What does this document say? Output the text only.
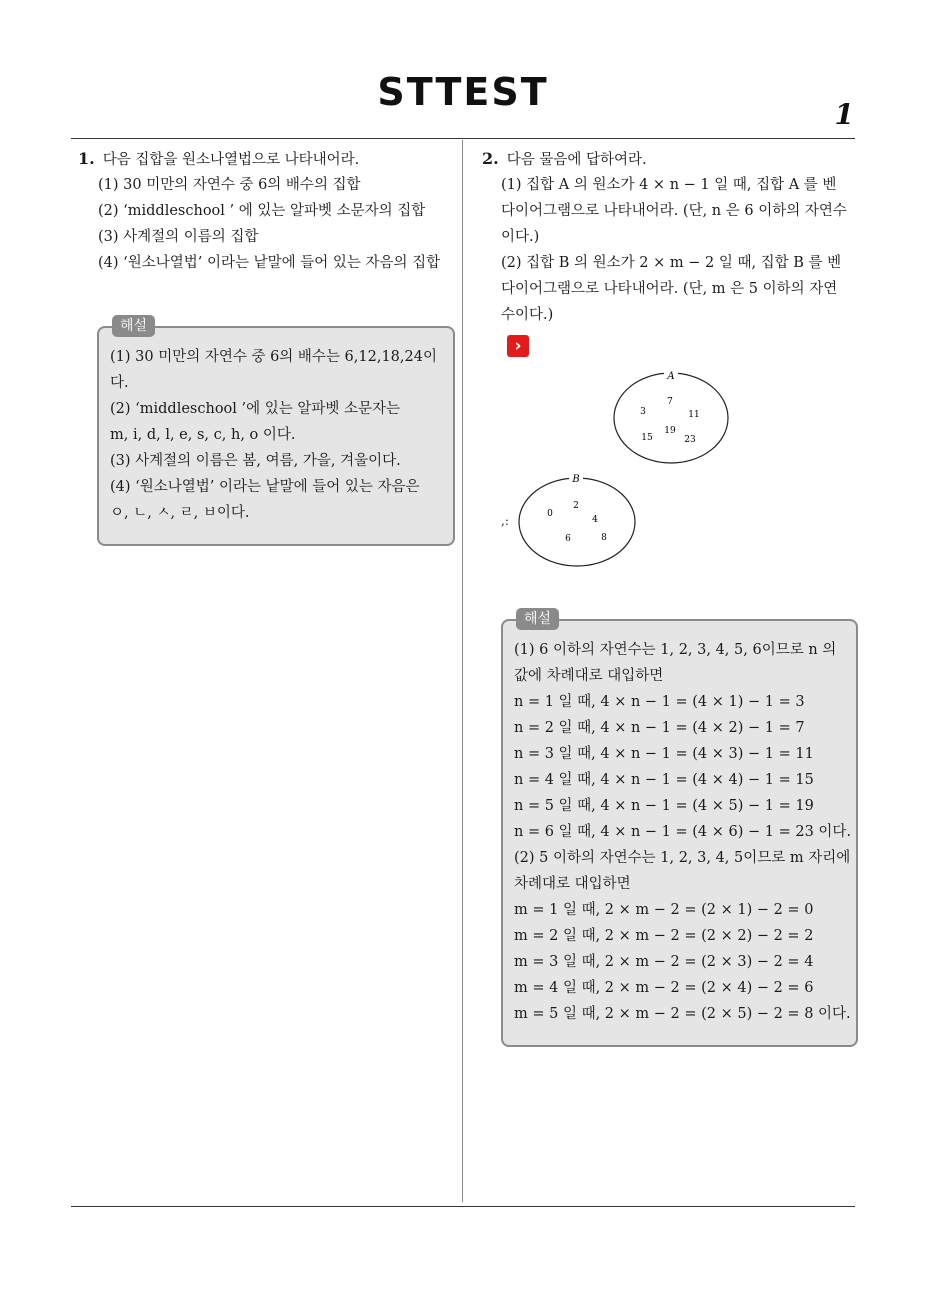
STTEST
1
1. 다음 집합을 원소나열법으로 나타내어라.
(1) 30 미만의 자연수 중 6의 배수의 집합
(2) ‘middleschool ’ 에 있는 알파벳 소문자의 집합
(3) 사계절의 이름의 집합
(4) ‘원소나열법’ 이라는 낱말에 들어 있는 자음의 집합
해설
(1) 30 미만의 자연수 중 6의 배수는 6,12,18,24이
다.
(2) ‘middleschool ’에 있는 알파벳 소문자는
m, i, d, l, e, s, c, h, o 이다.
(3) 사계절의 이름은 봄, 여름, 가을, 겨울이다.
(4) ‘원소나열법’ 이라는 낱말에 들어 있는 자음은
ㅇ, ㄴ, ㅅ, ㄹ, ㅂ이다.
2. 다음 물음에 답하여라.
(1) 집합 A 의 원소가 4 × n − 1 일 때, 집합 A 를 벤
다이어그램으로 나타내어라. (단, n 은 6 이하의 자연수
이다.)
(2) 집합 B 의 원소가 2 × m − 2 일 때, 집합 B 를 벤
다이어그램으로 나타내어라. (단, m 은 5 이하의 자연
수이다.)
›
A
7
3	11
19
15	23
,:
B
2
0
4
6	8
해설
(1) 6 이하의 자연수는 1, 2, 3, 4, 5, 6이므로 n 의
값에 차례대로 대입하면
n = 1 일 때, 4 × n − 1 = (4 × 1) − 1 = 3
n = 2 일 때, 4 × n − 1 = (4 × 2) − 1 = 7
n = 3 일 때, 4 × n − 1 = (4 × 3) − 1 = 11
n = 4 일 때, 4 × n − 1 = (4 × 4) − 1 = 15
n = 5 일 때, 4 × n − 1 = (4 × 5) − 1 = 19
n = 6 일 때, 4 × n − 1 = (4 × 6) − 1 = 23 이다.
(2) 5 이하의 자연수는 1, 2, 3, 4, 5이므로 m 자리에
차례대로 대입하면
m = 1 일 때, 2 × m − 2 = (2 × 1) − 2 = 0
m = 2 일 때, 2 × m − 2 = (2 × 2) − 2 = 2
m = 3 일 때, 2 × m − 2 = (2 × 3) − 2 = 4
m = 4 일 때, 2 × m − 2 = (2 × 4) − 2 = 6
m = 5 일 때, 2 × m − 2 = (2 × 5) − 2 = 8 이다.
